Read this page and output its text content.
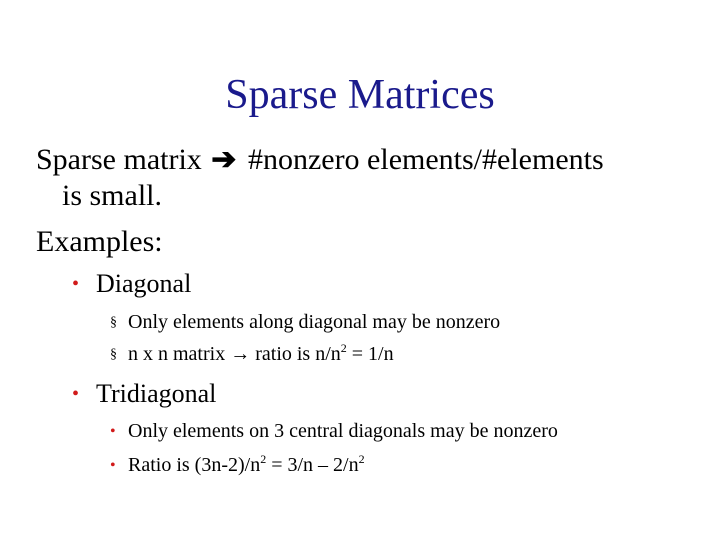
Sparse Matrices
Sparse matrix ➔ #nonzero elements/#elements
is small.
Examples:
• Diagonal
§ Only elements along diagonal may be nonzero
§ n x n matrix → ratio is $n/n^2 = 1/n$
• Tridiagonal
• Only elements on 3 central diagonals may be nonzero
• Ratio is $(3n-2)/n^2 = 3/n - 2/n^2$
